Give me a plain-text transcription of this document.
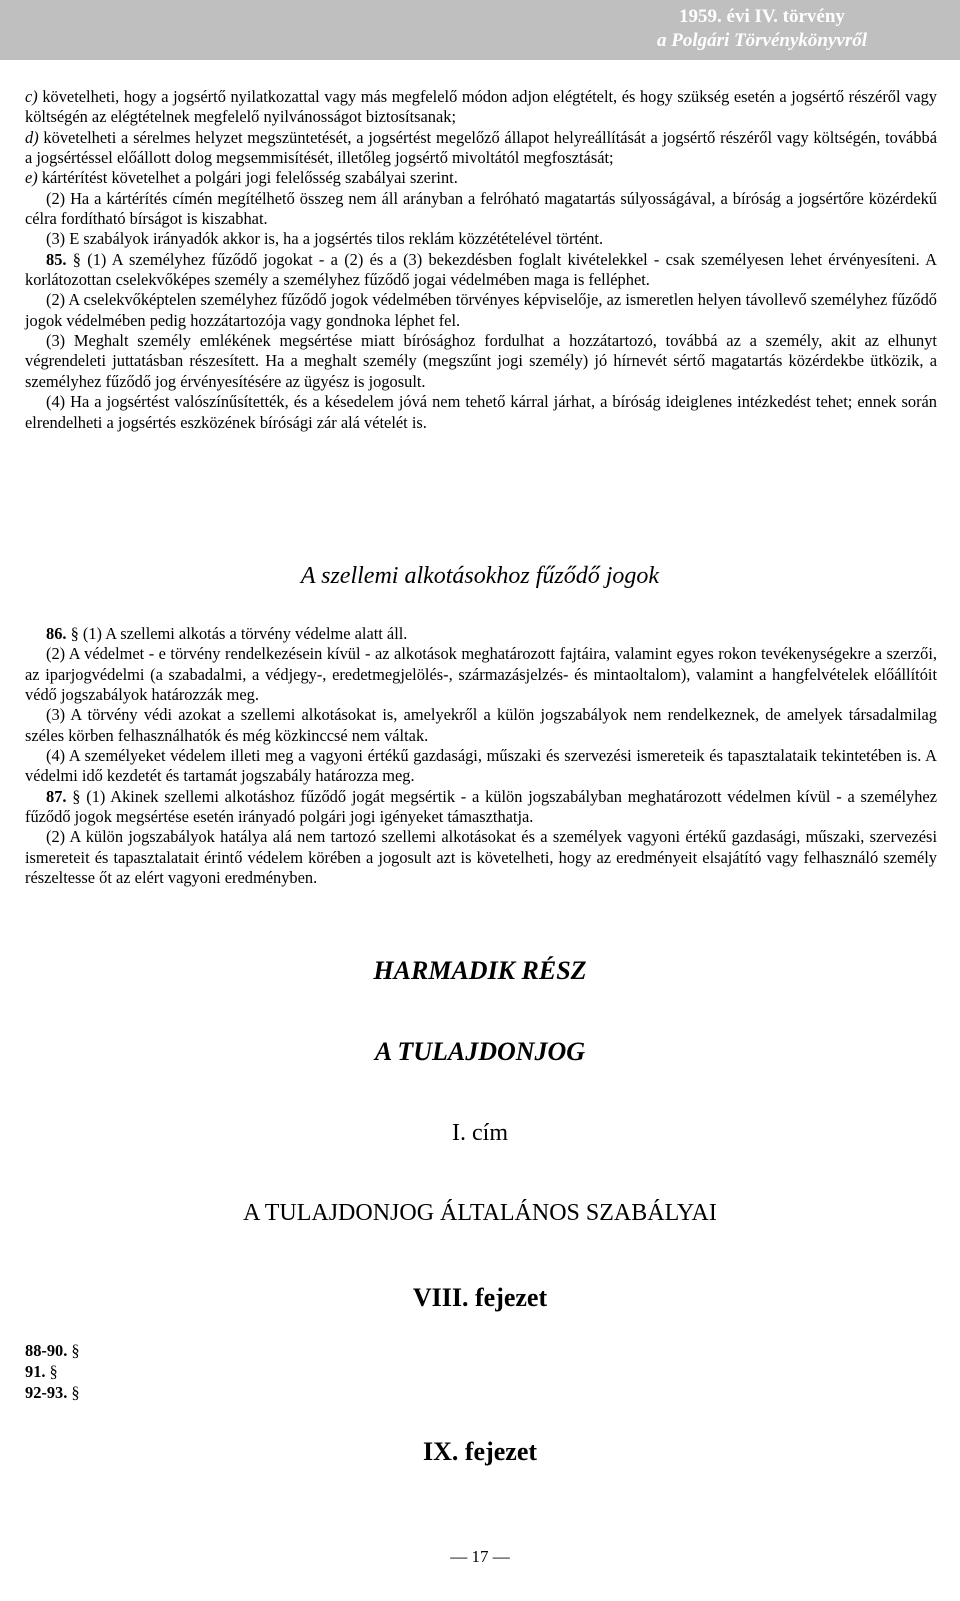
1959. évi IV. törvény
a Polgári Törvénykönyvről

c) követelheti, hogy a jogsértő nyilatkozattal vagy más megfelelő módon adjon elégtételt, és hogy szükség esetén a jogsértő részéről vagy költségén az elégtételnek megfelelő nyilvánosságot biztosítsanak;

d) követelheti a sérelmes helyzet megszüntetését, a jogsértést megelőző állapot helyreállítását a jogsértő részéről vagy költségén, továbbá a jogsértéssel előállott dolog megsemmisítését, illetőleg jogsértő mivoltától megfosztását;

e) kártérítést követelhet a polgári jogi felelősség szabályai szerint.

(2) Ha a kártérítés címén megítélhető összeg nem áll arányban a felróható magatartás súlyosságával, a bíróság a jogsértőre közérdekű célra fordítható bírságot is kiszabhat.

(3) E szabályok irányadók akkor is, ha a jogsértés tilos reklám közzétételével történt.

85. § (1) A személyhez fűződő jogokat - a (2) és a (3) bekezdésben foglalt kivételekkel - csak személyesen lehet érvényesíteni. A korlátozottan cselekvőképes személy a személyhez fűződő jogai védelmében maga is felléphet.

(2) A cselekvőképtelen személyhez fűződő jogok védelmében törvényes képviselője, az ismeretlen helyen távollevő személyhez fűződő jogok védelmében pedig hozzátartozója vagy gondnoka léphet fel.

(3) Meghalt személy emlékének megsértése miatt bírósághoz fordulhat a hozzátartozó, továbbá az a személy, akit az elhunyt végrendeleti juttatásban részesített. Ha a meghalt személy (megszűnt jogi személy) jó hírnevét sértő magatartás közérdekbe ütközik, a személyhez fűződő jog érvényesítésére az ügyész is jogosult.

(4) Ha a jogsértést valószínűsítették, és a késedelem jóvá nem tehető kárral járhat, a bíróság ideiglenes intézkedést tehet; ennek során elrendelheti a jogsértés eszközének bírósági zár alá vételét is.

A szellemi alkotásokhoz fűződő jogok

86. § (1) A szellemi alkotás a törvény védelme alatt áll.

(2) A védelmet - e törvény rendelkezésein kívül - az alkotások meghatározott fajtáira, valamint egyes rokon tevékenységekre a szerzői, az iparjogvédelmi (a szabadalmi, a védjegy-, eredetmegjelölés-, származásjelzés- és mintaoltalom), valamint a hangfelvételek előállítóit védő jogszabályok határozzák meg.

(3) A törvény védi azokat a szellemi alkotásokat is, amelyekről a külön jogszabályok nem rendelkeznek, de amelyek társadalmilag széles körben felhasználhatók és még közkinccsé nem váltak.

(4) A személyeket védelem illeti meg a vagyoni értékű gazdasági, műszaki és szervezési ismereteik és tapasztalataik tekintetében is. A védelmi idő kezdetét és tartamát jogszabály határozza meg.

87. § (1) Akinek szellemi alkotáshoz fűződő jogát megsértik - a külön jogszabályban meghatározott védelmen kívül - a személyhez fűződő jogok megsértése esetén irányadó polgári jogi igényeket támaszthatja.

(2) A külön jogszabályok hatálya alá nem tartozó szellemi alkotásokat és a személyek vagyoni értékű gazdasági, műszaki, szervezési ismereteit és tapasztalatait érintő védelem körében a jogosult azt is követelheti, hogy az eredményeit elsajátító vagy felhasználó személy részeltesse őt az elért vagyoni eredményben.

HARMADIK RÉSZ
A TULAJDONJOG
I. cím
A TULAJDONJOG ÁLTALÁNOS SZABÁLYAI
VIII. fejezet
88-90. §
91. §
92-93. §
IX. fejezet
— 17 —
